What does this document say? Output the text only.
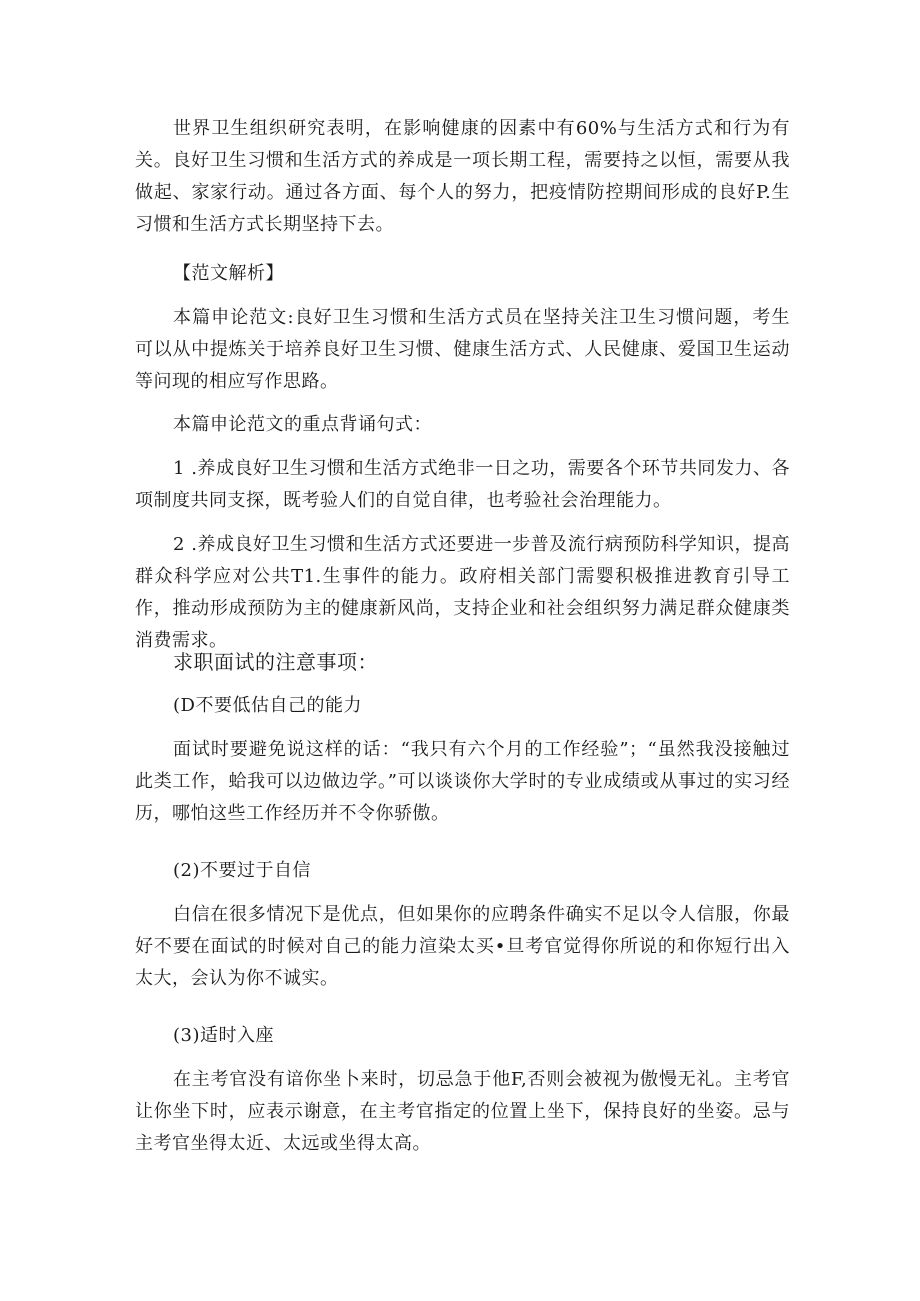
世界卫生组织研究表明，在影响健康的因素中有60%与生活方式和行为有关。良好卫生习惯和生活方式的养成是一项长期工程，需要持之以恒，需要从我做起、家家行动。通过各方面、每个人的努力，把疫情防控期间形成的良好P.生习惯和生活方式长期坚持下去。

【范文解析】

本篇申论范文:良好卫生习惯和生活方式员在坚持关注卫生习惯问题，考生可以从中提炼关于培养良好卫生习惯、健康生活方式、人民健康、爱国卫生运动等问现的相应写作思路。

本篇申论范文的重点背诵句式：

1 .养成良好卫生习惯和生活方式绝非一日之功，需要各个环节共同发力、各项制度共同支探，既考验人们的自觉自律，也考验社会治理能力。

2 .养成良好卫生习惯和生活方式还要进一步普及流行病预防科学知识，提高群众科学应对公共T1.生事件的能力。政府相关部门需婴积极推进教育引导工作，推动形成预防为主的健康新风尚，支持企业和社会组织努力满足群众健康类消费需求。

求职面试的注意事项：

(D不要低估自己的能力

面试时要避免说这样的话：“我只有六个月的工作经验”；“虽然我没接触过此类工作，蛤我可以边做边学。”可以谈谈你大学时的专业成绩或从事过的实习经历，哪怕这些工作经历并不令你骄傲。

(2)不要过于自信

白信在很多情况下是优点，但如果你的应聘条件确实不足以令人信服，你最好不要在面试的时候对自己的能力渲染太买•旦考官觉得你所说的和你短行出入太大，会认为你不诚实。

(3)适时入座

在主考官没有谙你坐卜来时，切忌急于他F,否则会被视为傲慢无礼。主考官让你坐下时，应表示谢意，在主考官指定的位置上坐下，保持良好的坐姿。忌与主考官坐得太近、太远或坐得太高。
